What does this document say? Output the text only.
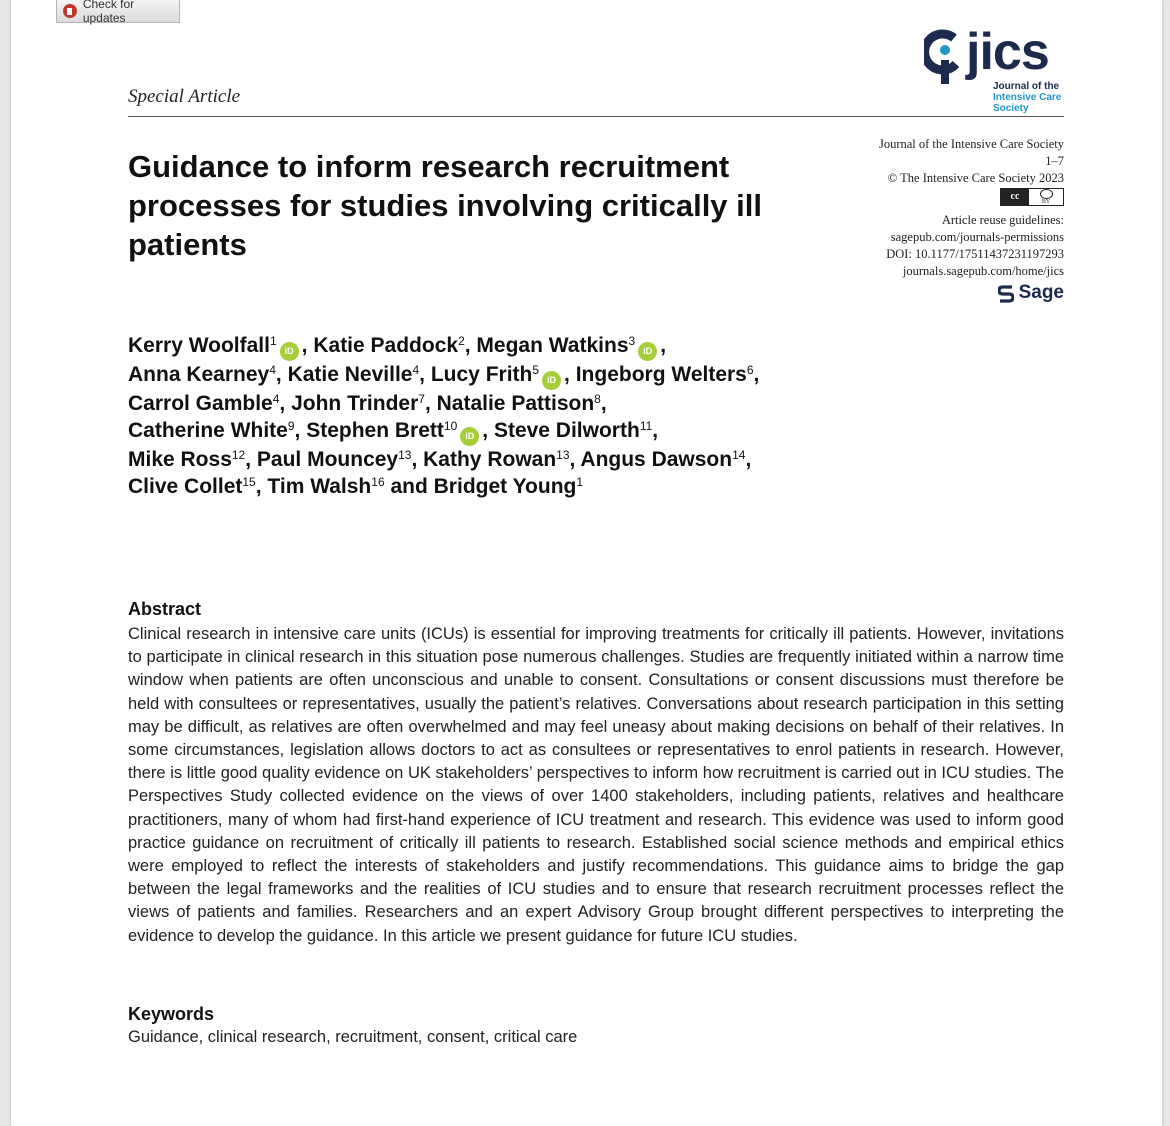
Check for updates
Special Article
jics
Journal of the
Intensive Care
Society
Guidance to inform research recruitment processes for studies involving critically ill patients
Journal of the Intensive Care Society
1–7
© The Intensive Care Society 2023
cc
BY
Article reuse guidelines:
sagepub.com/journals-permissions
DOI: 10.1177/17511437231197293
journals.sagepub.com/home/jics
Sage
Kerry Woolfall$^1$iD , Katie Paddock$^2$, Megan Watkins$^3$iD ,
Anna Kearney$^4$, Katie Neville$^4$, Lucy Frith$^5$iD , Ingeborg Welters$^6$,
Carrol Gamble$^4$, John Trinder$^7$, Natalie Pattison$^8$,
Catherine White$^9$, Stephen Brett$^{10}$iD , Steve Dilworth$^{11}$,
Mike Ross$^{12}$, Paul Mouncey$^{13}$, Kathy Rowan$^{13}$, Angus Dawson$^{14}$,
Clive Collet$^{15}$, Tim Walsh$^{16}$ and Bridget Young$^1$
Abstract

Clinical research in intensive care units (ICUs) is essential for improving treatments for critically ill patients. However, invitations to participate in clinical research in this situation pose numerous challenges. Studies are frequently initiated within a narrow time window when patients are often unconscious and unable to consent. Consultations or consent discussions must therefore be held with consultees or representatives, usually the patient’s relatives. Conversations about research participation in this setting may be difficult, as relatives are often overwhelmed and may feel uneasy about making decisions on behalf of their relatives. In some circumstances, legislation allows doctors to act as consultees or representatives to enrol patients in research. However, there is little good quality evidence on UK stakeholders’ perspectives to inform how recruitment is carried out in ICU studies. The Perspectives Study collected evidence on the views of over 1400 stakeholders, including patients, relatives and healthcare practitioners, many of whom had first-hand experience of ICU treatment and research. This evidence was used to inform good practice guidance on recruitment of critically ill patients to research. Established social science methods and empirical ethics were employed to reflect the interests of stakeholders and justify recommendations. This guidance aims to bridge the gap between the legal frameworks and the realities of ICU studies and to ensure that research recruitment processes reflect the views of patients and families. Researchers and an expert Advisory Group brought different perspectives to interpreting the evidence to develop the guidance. In this article we present guidance for future ICU studies.

Keywords
Guidance, clinical research, recruitment, consent, critical care
